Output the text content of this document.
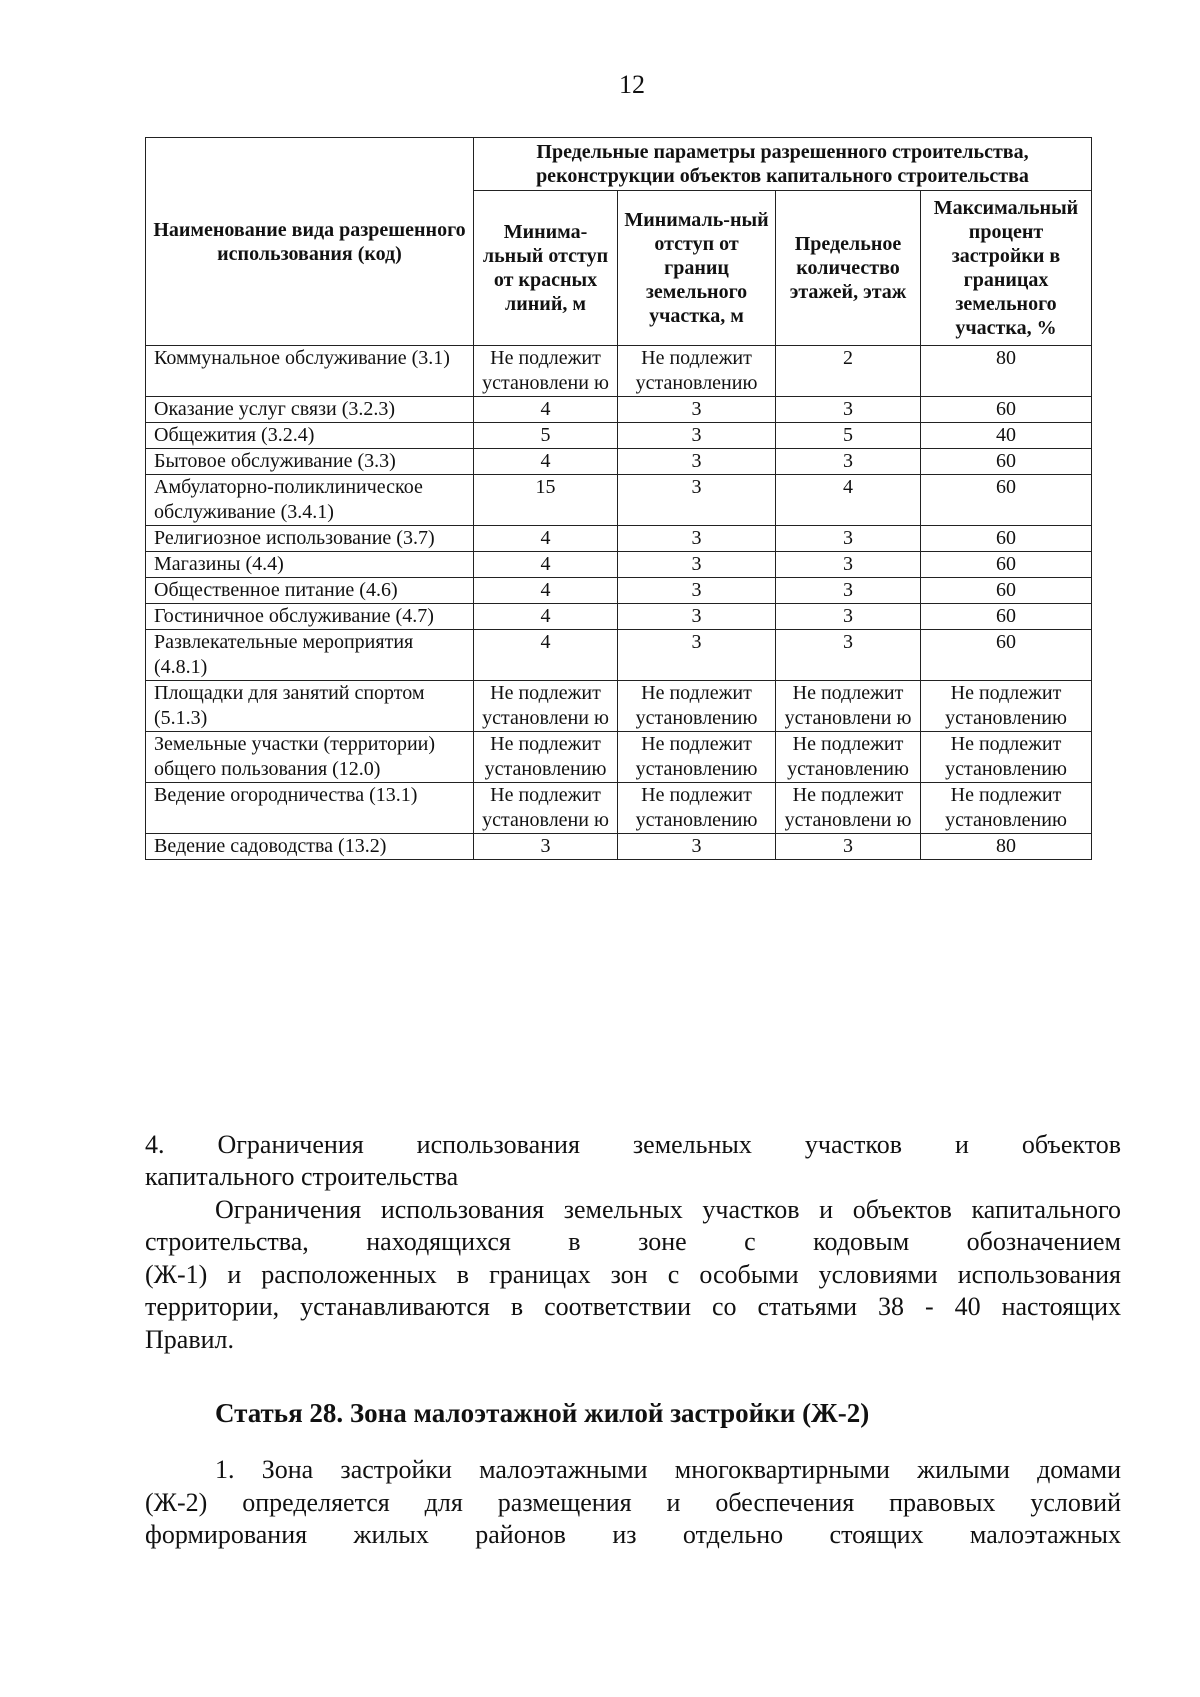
12
Наименование вида разрешенного использования (код)	Предельные параметры разрешенного строительства, реконструкции объектов капитального строительства			
	Минима-льный отступ от красных линий, м	Минималь-ный отступ от границ земельного участка, м	Предельное количество этажей, этаж	Максимальный процент застройки в границах земельного участка, %
Коммунальное обслуживание (3.1)	Не подлежит установлени ю	Не подлежит установлению	2	80
Оказание услуг связи (3.2.3)	4	3	3	60
Общежития (3.2.4)	5	3	5	40
Бытовое обслуживание (3.3)	4	3	3	60
Амбулаторно-поликлиническое обслуживание (3.4.1)	15	3	4	60
Религиозное использование (3.7)	4	3	3	60
Магазины (4.4)	4	3	3	60
Общественное питание (4.6)	4	3	3	60
Гостиничное обслуживание (4.7)	4	3	3	60
Развлекательные мероприятия (4.8.1)	4	3	3	60
Площадки для занятий спортом (5.1.3)	Не подлежит установлени ю	Не подлежит установлению	Не подлежит установлени ю	Не подлежит установлению
Земельные участки (территории) общего пользования (12.0)	Не подлежит установлению	Не подлежит установлению	Не подлежит установлению	Не подлежит установлению
Ведение огородничества (13.1)	Не подлежит установлени ю	Не подлежит установлению	Не подлежит установлени ю	Не подлежит установлению
Ведение садоводства (13.2)	3	3	3	80
4. Ограничения использования земельных участков и объектов
капитального строительства
Ограничения использования земельных участков и объектов капитального
строительства, находящихся в зоне с кодовым обозначением
(Ж-1) и расположенных в границах зон с особыми условиями использования
территории, устанавливаются в соответствии со статьями 38 - 40 настоящих
Правил.
Статья 28. Зона малоэтажной жилой застройки (Ж-2)
1. Зона застройки малоэтажными многоквартирными жилыми домами
(Ж-2) определяется для размещения и обеспечения правовых условий
формирования жилых районов из отдельно стоящих малоэтажных
